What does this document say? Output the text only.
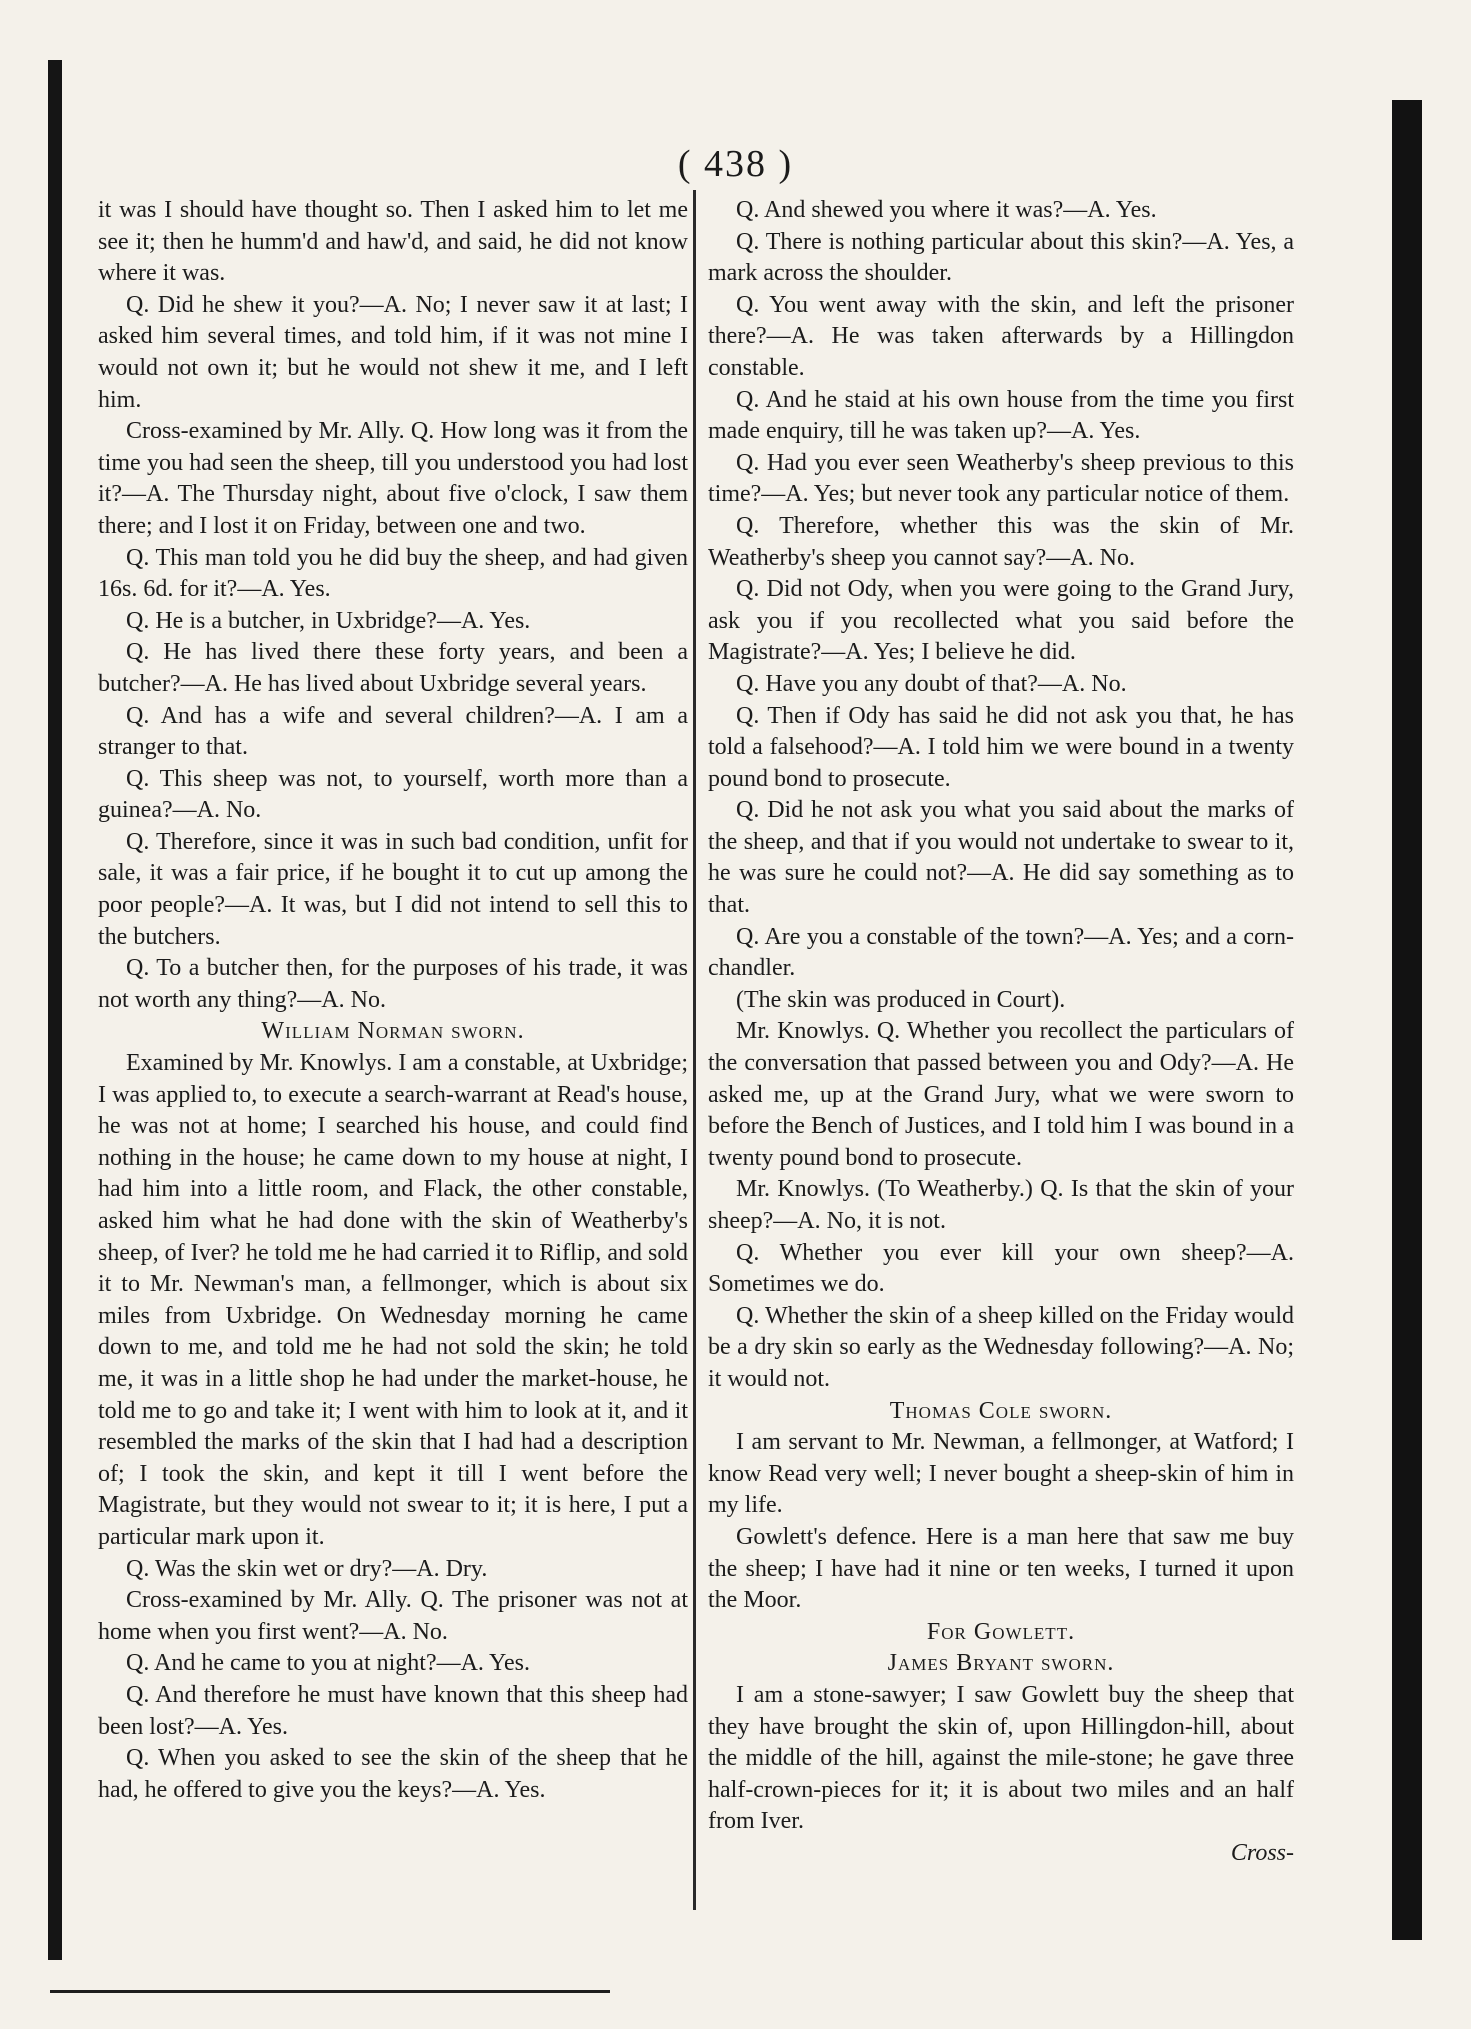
( 438 )

it was I should have thought so. Then I asked him to let me see it; then he humm'd and haw'd, and said, he did not know where it was.

Q. Did he shew it you?—A. No; I never saw it at last; I asked him several times, and told him, if it was not mine I would not own it; but he would not shew it me, and I left him.

Cross-examined by Mr. Ally. Q. How long was it from the time you had seen the sheep, till you understood you had lost it?—A. The Thursday night, about five o'clock, I saw them there; and I lost it on Friday, between one and two.

Q. This man told you he did buy the sheep, and had given 16s. 6d. for it?—A. Yes.

Q. He is a butcher, in Uxbridge?—A. Yes.

Q. He has lived there these forty years, and been a butcher?—A. He has lived about Uxbridge several years.

Q. And has a wife and several children?—A. I am a stranger to that.

Q. This sheep was not, to yourself, worth more than a guinea?—A. No.

Q. Therefore, since it was in such bad condition, unfit for sale, it was a fair price, if he bought it to cut up among the poor people?—A. It was, but I did not intend to sell this to the butchers.

Q. To a butcher then, for the purposes of his trade, it was not worth any thing?—A. No.

William Norman sworn.

Examined by Mr. Knowlys. I am a constable, at Uxbridge; I was applied to, to execute a search-warrant at Read's house, he was not at home; I searched his house, and could find nothing in the house; he came down to my house at night, I had him into a little room, and Flack, the other constable, asked him what he had done with the skin of Weatherby's sheep, of Iver? he told me he had carried it to Riflip, and sold it to Mr. Newman's man, a fellmonger, which is about six miles from Uxbridge. On Wednesday morning he came down to me, and told me he had not sold the skin; he told me, it was in a little shop he had under the market-house, he told me to go and take it; I went with him to look at it, and it resembled the marks of the skin that I had had a description of; I took the skin, and kept it till I went before the Magistrate, but they would not swear to it; it is here, I put a particular mark upon it.

Q. Was the skin wet or dry?—A. Dry.

Cross-examined by Mr. Ally. Q. The prisoner was not at home when you first went?—A. No.

Q. And he came to you at night?—A. Yes.

Q. And therefore he must have known that this sheep had been lost?—A. Yes.

Q. When you asked to see the skin of the sheep that he had, he offered to give you the keys?—A. Yes.

Q. And shewed you where it was?—A. Yes.

Q. There is nothing particular about this skin?—A. Yes, a mark across the shoulder.

Q. You went away with the skin, and left the prisoner there?—A. He was taken afterwards by a Hillingdon constable.

Q. And he staid at his own house from the time you first made enquiry, till he was taken up?—A. Yes.

Q. Had you ever seen Weatherby's sheep previous to this time?—A. Yes; but never took any particular notice of them.

Q. Therefore, whether this was the skin of Mr. Weatherby's sheep you cannot say?—A. No.

Q. Did not Ody, when you were going to the Grand Jury, ask you if you recollected what you said before the Magistrate?—A. Yes; I believe he did.

Q. Have you any doubt of that?—A. No.

Q. Then if Ody has said he did not ask you that, he has told a falsehood?—A. I told him we were bound in a twenty pound bond to prosecute.

Q. Did he not ask you what you said about the marks of the sheep, and that if you would not undertake to swear to it, he was sure he could not?—A. He did say something as to that.

Q. Are you a constable of the town?—A. Yes; and a corn-chandler.

(The skin was produced in Court).

Mr. Knowlys. Q. Whether you recollect the particulars of the conversation that passed between you and Ody?—A. He asked me, up at the Grand Jury, what we were sworn to before the Bench of Justices, and I told him I was bound in a twenty pound bond to prosecute.

Mr. Knowlys. (To Weatherby.) Q. Is that the skin of your sheep?—A. No, it is not.

Q. Whether you ever kill your own sheep?—A. Sometimes we do.

Q. Whether the skin of a sheep killed on the Friday would be a dry skin so early as the Wednesday following?—A. No; it would not.

Thomas Cole sworn.

I am servant to Mr. Newman, a fellmonger, at Watford; I know Read very well; I never bought a sheep-skin of him in my life.

Gowlett's defence. Here is a man here that saw me buy the sheep; I have had it nine or ten weeks, I turned it upon the Moor.

For Gowlett.

James Bryant sworn.

I am a stone-sawyer; I saw Gowlett buy the sheep that they have brought the skin of, upon Hillingdon-hill, about the middle of the hill, against the mile-stone; he gave three half-crown-pieces for it; it is about two miles and an half from Iver.

Cross-
